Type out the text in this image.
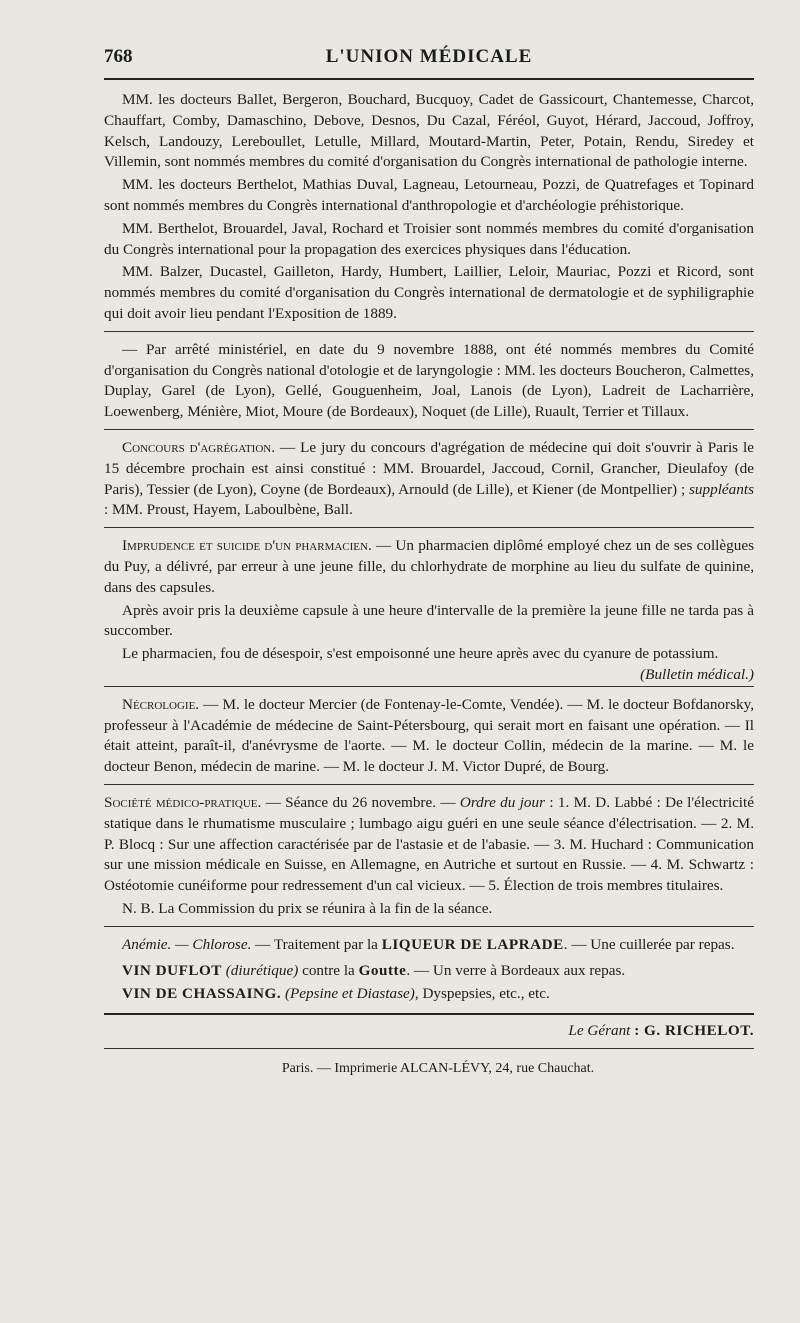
768	L'UNION MÉDICALE

MM. les docteurs Ballet, Bergeron, Bouchard, Bucquoy, Cadet de Gassicourt, Chantemesse, Charcot, Chauffart, Comby, Damaschino, Debove, Desnos, Du Cazal, Féréol, Guyot, Hérard, Jaccoud, Joffroy, Kelsch, Landouzy, Lereboullet, Letulle, Millard, Moutard-Martin, Peter, Potain, Rendu, Siredey et Villemin, sont nommés membres du comité d'organisation du Congrès international de pathologie interne.

MM. les docteurs Berthelot, Mathias Duval, Lagneau, Letourneau, Pozzi, de Quatrefages et Topinard sont nommés membres du Congrès international d'anthropologie et d'archéologie préhistorique.

MM. Berthelot, Brouardel, Javal, Rochard et Troisier sont nommés membres du comité d'organisation du Congrès international pour la propagation des exercices physiques dans l'éducation.

MM. Balzer, Ducastel, Gailleton, Hardy, Humbert, Laillier, Leloir, Mauriac, Pozzi et Ricord, sont nommés membres du comité d'organisation du Congrès international de dermatologie et de syphiligraphie qui doit avoir lieu pendant l'Exposition de 1889.

— Par arrêté ministériel, en date du 9 novembre 1888, ont été nommés membres du Comité d'organisation du Congrès national d'otologie et de laryngologie : MM. les docteurs Boucheron, Calmettes, Duplay, Garel (de Lyon), Gellé, Gouguenheim, Joal, Lanois (de Lyon), Ladreit de Lacharrière, Loewenberg, Ménière, Miot, Moure (de Bordeaux), Noquet (de Lille), Ruault, Terrier et Tillaux.

Concours d'agrégation. — Le jury du concours d'agrégation de médecine qui doit s'ouvrir à Paris le 15 décembre prochain est ainsi constitué : MM. Brouardel, Jaccoud, Cornil, Grancher, Dieulafoy (de Paris), Tessier (de Lyon), Coyne (de Bordeaux), Arnould (de Lille), et Kiener (de Montpellier) ; suppléants : MM. Proust, Hayem, Laboulbène, Ball.

Imprudence et suicide d'un pharmacien. — Un pharmacien diplômé employé chez un de ses collègues du Puy, a délivré, par erreur à une jeune fille, du chlorhydrate de morphine au lieu du sulfate de quinine, dans des capsules.

Après avoir pris la deuxième capsule à une heure d'intervalle de la première la jeune fille ne tarda pas à succomber.

Le pharmacien, fou de désespoir, s'est empoisonné une heure après avec du cyanure de potassium.
(Bulletin médical.)

Nécrologie. — M. le docteur Mercier (de Fontenay-le-Comte, Vendée). — M. le docteur Bofdanorsky, professeur à l'Académie de médecine de Saint-Pétersbourg, qui serait mort en faisant une opération. — Il était atteint, paraît-il, d'anévrysme de l'aorte. — M. le docteur Collin, médecin de la marine. — M. le docteur Benon, médecin de marine. — M. le docteur J. M. Victor Dupré, de Bourg.

Société médico-pratique. — Séance du 26 novembre. — Ordre du jour : 1. M. D. Labbé : De l'électricité statique dans le rhumatisme musculaire ; lumbago aigu guéri en une seule séance d'électrisation. — 2. M. P. Blocq : Sur une affection caractérisée par de l'astasie et de l'abasie. — 3. M. Huchard : Communication sur une mission médicale en Suisse, en Allemagne, en Autriche et surtout en Russie. — 4. M. Schwartz : Ostéotomie cunéiforme pour redressement d'un cal vicieux. — 5. Élection de trois membres titulaires.

N. B. La Commission du prix se réunira à la fin de la séance.

Anémie. — Chlorose. — Traitement par la LIQUEUR DE LAPRADE. — Une cuillerée par repas.

VIN DUFLOT (diurétique) contre la Goutte. — Un verre à Bordeaux aux repas.

VIN DE CHASSAING. (Pepsine et Diastase), Dyspepsies, etc., etc.

Le Gérant : G. RICHELOT.

Paris. — Imprimerie ALCAN-LÉVY, 24, rue Chauchat.
